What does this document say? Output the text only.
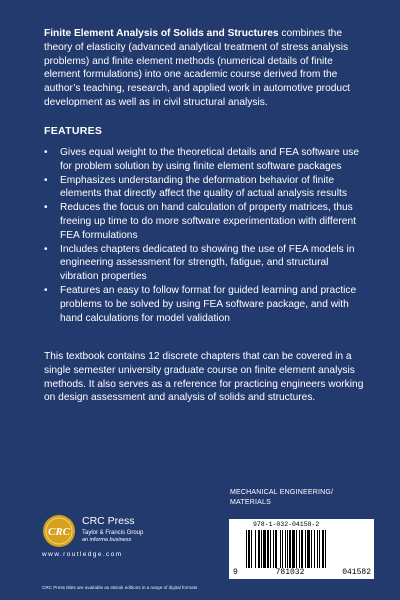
Finite Element Analysis of Solids and Structures combines the theory of elasticity (advanced analytical treatment of stress analysis problems) and finite element methods (numerical details of finite element formulations) into one academic course derived from the author’s teaching, research, and applied work in automotive product development as well as in civil structural analysis.

FEATURES
• Gives equal weight to the theoretical details and FEA software use for problem solution by using finite element software packages
• Emphasizes understanding the deformation behavior of finite elements that directly affect the quality of actual analysis results
• Reduces the focus on hand calculation of property matrices, thus freeing up time to do more software experimentation with different FEA formulations
• Includes chapters dedicated to showing the use of FEA models in engineering assessment for strength, fatigue, and structural vibration properties
• Features an easy to follow format for guided learning and practice problems to be solved by using FEA software package, and with hand calculations for model validation

This textbook contains 12 discrete chapters that can be covered in a single semester university graduate course on finite element analysis methods. It also serves as a reference for practicing engineers working on design assessment and analysis of solids and structures.

MECHANICAL ENGINEERING/
MATERIALS
CRC
CRC Press
Taylor & Francis Group
an informa business
www.routledge.com
CRC Press titles are available as eBook editions in a range of digital formats
978-1-032-04158-2
9	781032	041582
